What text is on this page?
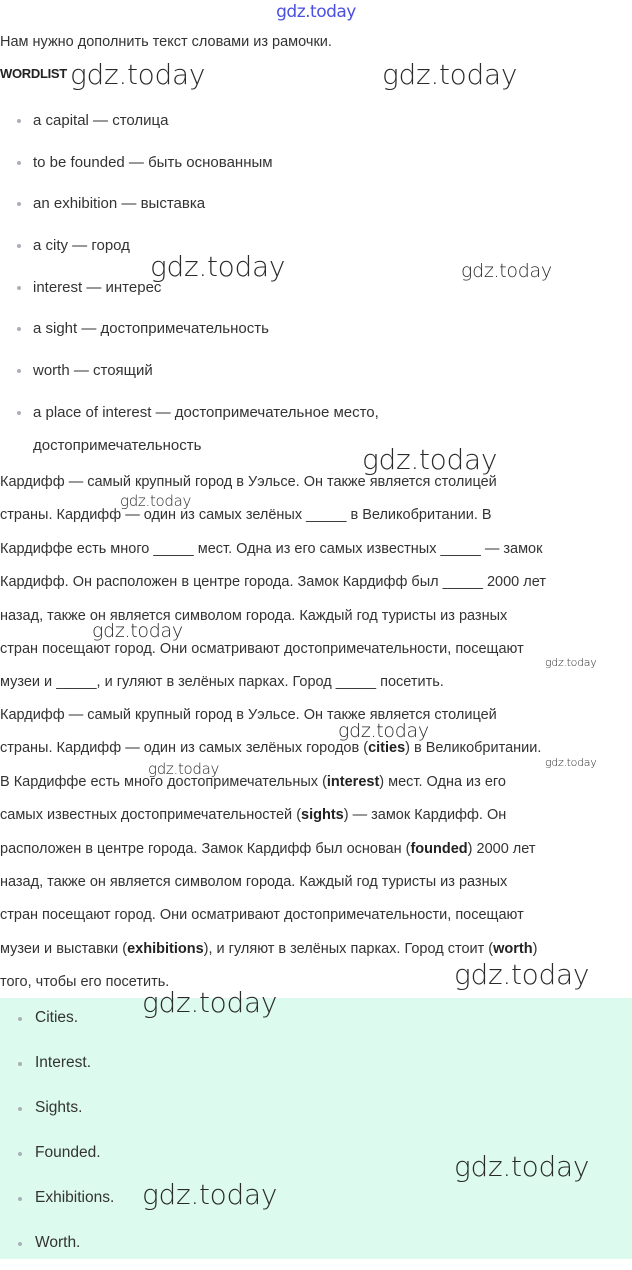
gdz.today
Нам нужно дополнить текст словами из рамочки.
WORDLIST
a capital — столица
to be founded — быть основанным
an exhibition — выставка
a city — город
interest — интерес
a sight — достопримечательность
worth — стоящий
a place of interest — достопримечательное место,
достопримечательность

Кардифф — самый крупный город в Уэльсе. Он также является столицей
страны. Кардифф — один из самых зелёных _____ в Великобритании. В
Кардиффе есть много _____ мест. Одна из его самых известных _____ — замок
Кардифф. Он расположен в центре города. Замок Кардифф был _____ 2000 лет
назад, также он является символом города. Каждый год туристы из разных
стран посещают город. Они осматривают достопримечательности, посещают
музеи и _____, и гуляют в зелёных парках. Город _____ посетить.

Кардифф — самый крупный город в Уэльсе. Он также является столицей
страны. Кардифф — один из самых зелёных городов (cities) в Великобритании.
В Кардиффе есть много достопримечательных (interest) мест. Одна из его
самых известных достопримечательностей (sights) — замок Кардифф. Он
расположен в центре города. Замок Кардифф был основан (founded) 2000 лет
назад, также он является символом города. Каждый год туристы из разных
стран посещают город. Они осматривают достопримечательности, посещают
музеи и выставки (exhibitions), и гуляют в зелёных парках. Город стоит (worth)
того, чтобы его посетить.

Cities.
Interest.
Sights.
Founded.
Exhibitions.
Worth.
gdz.today	gdz.today
gdz.today	gdz.today
gdz.today
gdz.today
gdz.today
gdz.today
gdz.today
gdz.today
gdz.today
gdz.today
gdz.today
gdz.today
gdz.today
